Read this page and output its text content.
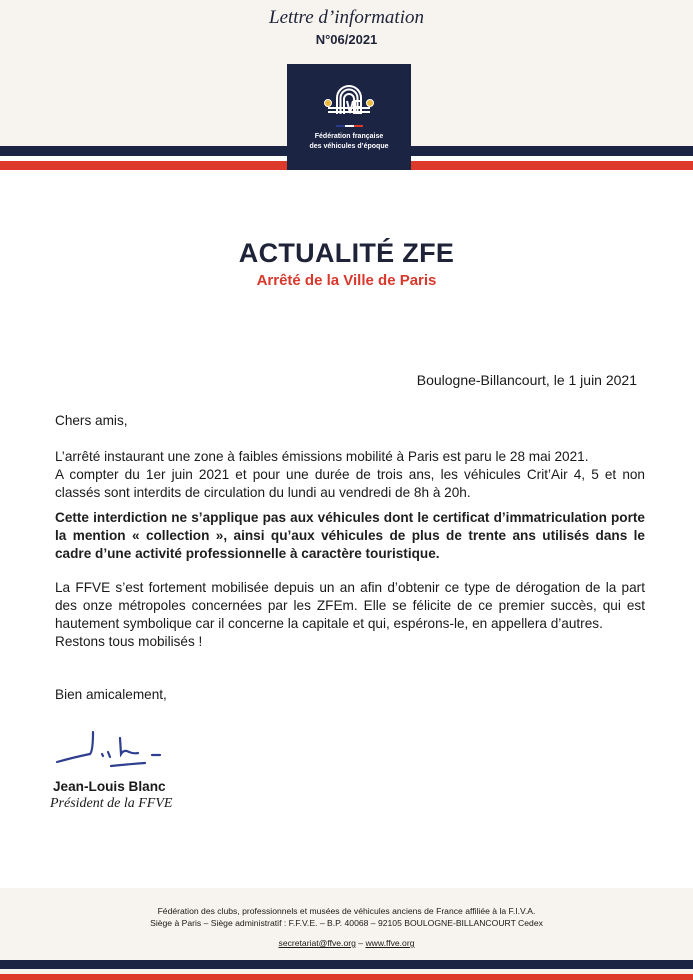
Lettre d’information
N°06/2021
Fédération française
des véhicules d’époque
ACTUALITÉ ZFE
Arrêté de la Ville de Paris
Boulogne-Billancourt, le 1 juin 2021
Chers amis,

L’arrêté instaurant une zone à faibles émissions mobilité à Paris est paru le 28 mai 2021.

A compter du 1er juin 2021 et pour une durée de trois ans, les véhicules Crit’Air 4, 5 et non classés sont interdits de circulation du lundi au vendredi de 8h à 20h.

Cette interdiction ne s’applique pas aux véhicules dont le certificat d’immatriculation porte la mention « collection », ainsi qu’aux véhicules de plus de trente ans utilisés dans le cadre d’une activité professionnelle à caractère touristique.

La FFVE s’est fortement mobilisée depuis un an afin d’obtenir ce type de dérogation de la part des onze métropoles concernées par les ZFEm. Elle se félicite de ce premier succès, qui est hautement symbolique car il concerne la capitale et qui, espérons-le, en appellera d’autres.

Restons tous mobilisés !

Bien amicalement,
Jean-Louis Blanc
Président de la FFVE
Fédération des clubs, professionnels et musées de véhicules anciens de France affiliée à la F.I.V.A.
Siège à Paris – Siège administratif : F.F.V.E. – B.P. 40068 – 92105 BOULOGNE-BILLANCOURT Cedex
secretariat@ffve.org – www.ffve.org
